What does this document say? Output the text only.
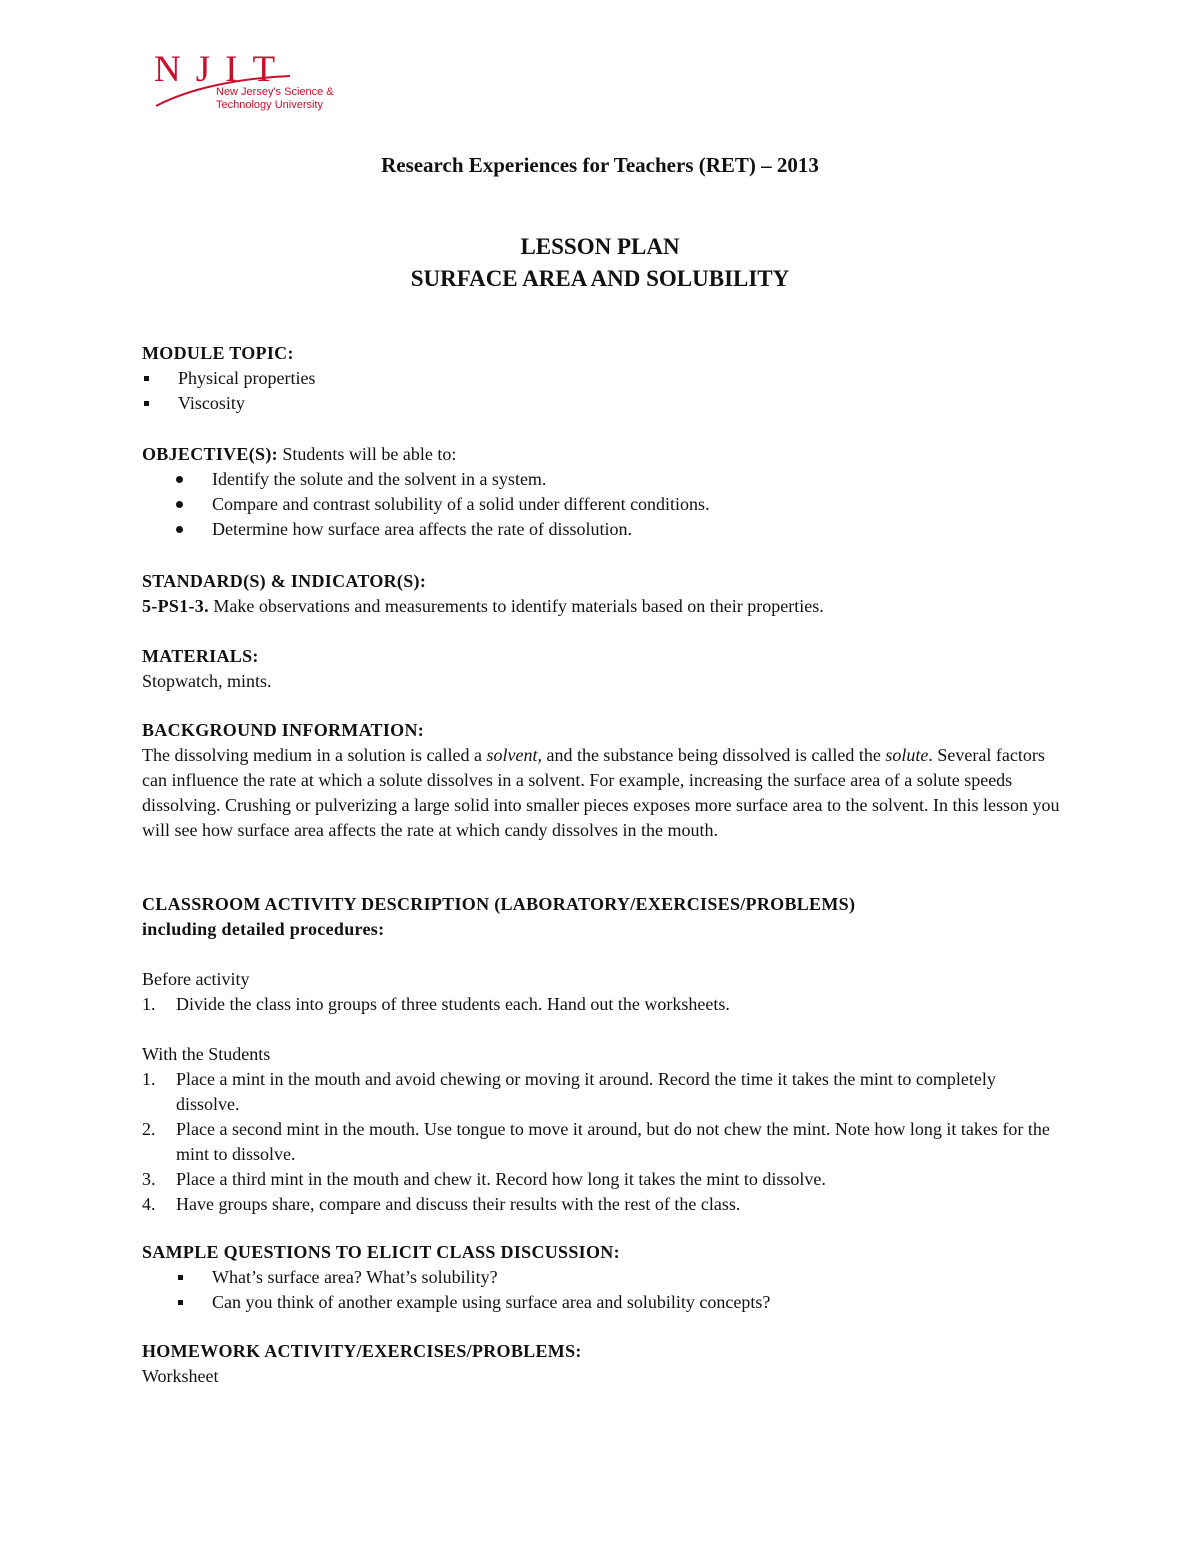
NJIT
New Jersey's Science &
Technology University
Research Experiences for Teachers (RET) – 2013
LESSON PLAN
SURFACE AREA AND SOLUBILITY
MODULE TOPIC:
Physical properties
Viscosity
OBJECTIVE(S): Students will be able to:
Identify the solute and the solvent in a system.
Compare and contrast solubility of a solid under different conditions.
Determine how surface area affects the rate of dissolution.
STANDARD(S) & INDICATOR(S):
5-PS1-3. Make observations and measurements to identify materials based on their properties.
MATERIALS:
Stopwatch, mints.
BACKGROUND INFORMATION:

The dissolving medium in a solution is called a solvent, and the substance being dissolved is called the solute. Several factors can influence the rate at which a solute dissolves in a solvent. For example, increasing the surface area of a solute speeds dissolving. Crushing or pulverizing a large solid into smaller pieces exposes more surface area to the solvent. In this lesson you will see how surface area affects the rate at which candy dissolves in the mouth.

CLASSROOM ACTIVITY DESCRIPTION (LABORATORY/EXERCISES/PROBLEMS)
including detailed procedures:
Before activity
1. Divide the class into groups of three students each. Hand out the worksheets.
With the Students
1. Place a mint in the mouth and avoid chewing or moving it around. Record the time it takes the mint to completely dissolve.
2. Place a second mint in the mouth. Use tongue to move it around, but do not chew the mint. Note how long it takes for the mint to dissolve.
3. Place a third mint in the mouth and chew it. Record how long it takes the mint to dissolve.
4. Have groups share, compare and discuss their results with the rest of the class.
SAMPLE QUESTIONS TO ELICIT CLASS DISCUSSION:
What’s surface area? What’s solubility?
Can you think of another example using surface area and solubility concepts?
HOMEWORK ACTIVITY/EXERCISES/PROBLEMS:
Worksheet
